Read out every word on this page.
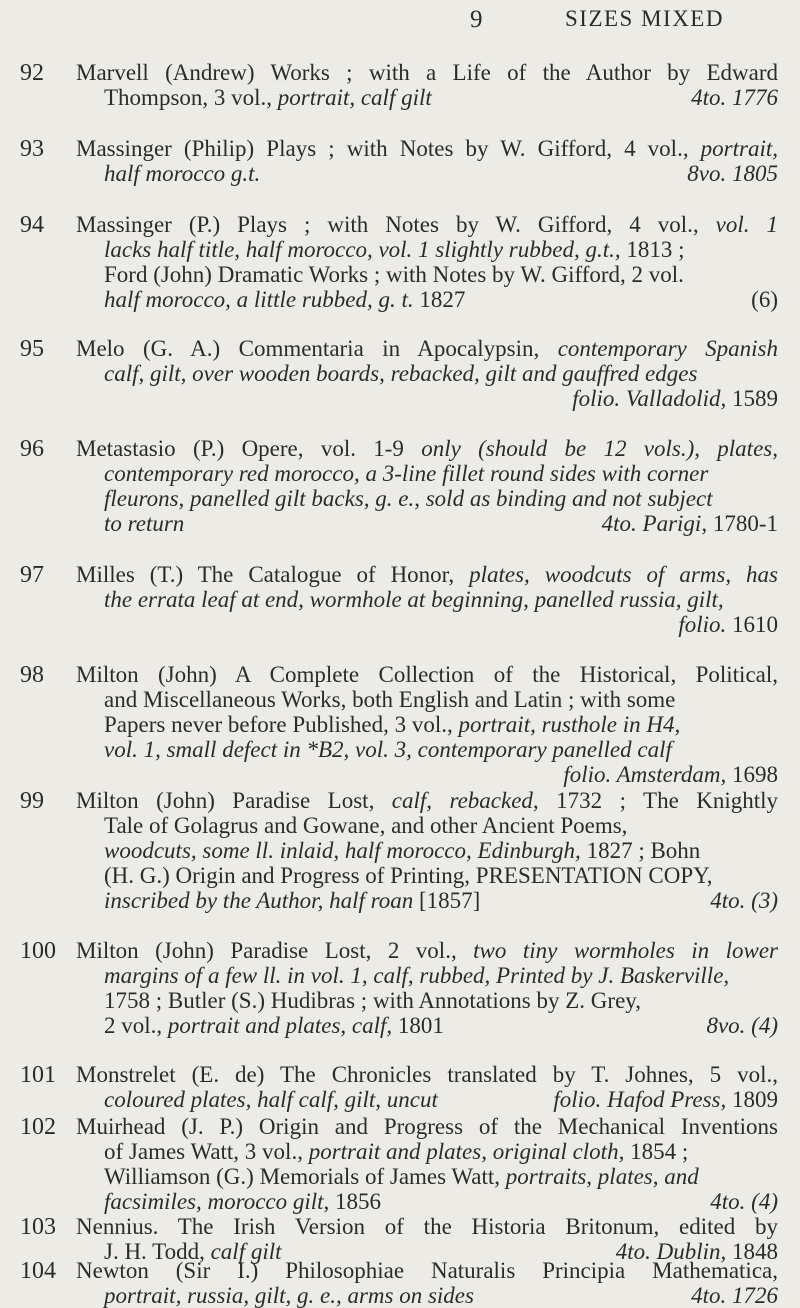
9	SIZES MIXED
92 Marvell (Andrew) Works ; with a Life of the Author by Edward

Thompson, 3 vol., portrait, calf gilt	4to. 1776

93 Massinger (Philip) Plays ; with Notes by W. Gifford, 4 vol., portrait,

half morocco g.t.	8vo. 1805

94 Massinger (P.) Plays ; with Notes by W. Gifford, 4 vol., vol. 1

lacks half title, half morocco, vol. 1 slightly rubbed, g.t., 1813 ;

Ford (John) Dramatic Works ; with Notes by W. Gifford, 2 vol.

half morocco, a little rubbed, g. t. 1827	(6)

95 Melo (G. A.) Commentaria in Apocalypsin, contemporary Spanish

calf, gilt, over wooden boards, rebacked, gilt and gauffred edges

folio. Valladolid, 1589

96 Metastasio (P.) Opere, vol. 1-9 only (should be 12 vols.), plates,

contemporary red morocco, a 3-line fillet round sides with corner

fleurons, panelled gilt backs, g. e., sold as binding and not subject

to return	4to. Parigi, 1780-1

97 Milles (T.) The Catalogue of Honor, plates, woodcuts of arms, has

the errata leaf at end, wormhole at beginning, panelled russia, gilt,

folio. 1610

98 Milton (John) A Complete Collection of the Historical, Political,

and Miscellaneous Works, both English and Latin ; with some

Papers never before Published, 3 vol., portrait, rusthole in H4,

vol. 1, small defect in *B2, vol. 3, contemporary panelled calf

folio. Amsterdam, 1698

99 Milton (John) Paradise Lost, calf, rebacked, 1732 ; The Knightly

Tale of Golagrus and Gowane, and other Ancient Poems,

woodcuts, some ll. inlaid, half morocco, Edinburgh, 1827 ; Bohn

(H. G.) Origin and Progress of Printing, PRESENTATION COPY,

inscribed by the Author, half roan [1857]	4to. (3)

100 Milton (John) Paradise Lost, 2 vol., two tiny wormholes in lower

margins of a few ll. in vol. 1, calf, rubbed, Printed by J. Baskerville,

1758 ; Butler (S.) Hudibras ; with Annotations by Z. Grey,

2 vol., portrait and plates, calf, 1801	8vo. (4)

101 Monstrelet (E. de) The Chronicles translated by T. Johnes, 5 vol.,

coloured plates, half calf, gilt, uncut	folio. Hafod Press, 1809

102 Muirhead (J. P.) Origin and Progress of the Mechanical Inventions

of James Watt, 3 vol., portrait and plates, original cloth, 1854 ;

Williamson (G.) Memorials of James Watt, portraits, plates, and

facsimiles, morocco gilt, 1856	4to. (4)

103 Nennius. The Irish Version of the Historia Britonum, edited by

J. H. Todd, calf gilt	4to. Dublin, 1848

104 Newton (Sir I.) Philosophiae Naturalis Principia Mathematica,

portrait, russia, gilt, g. e., arms on sides	4to. 1726
